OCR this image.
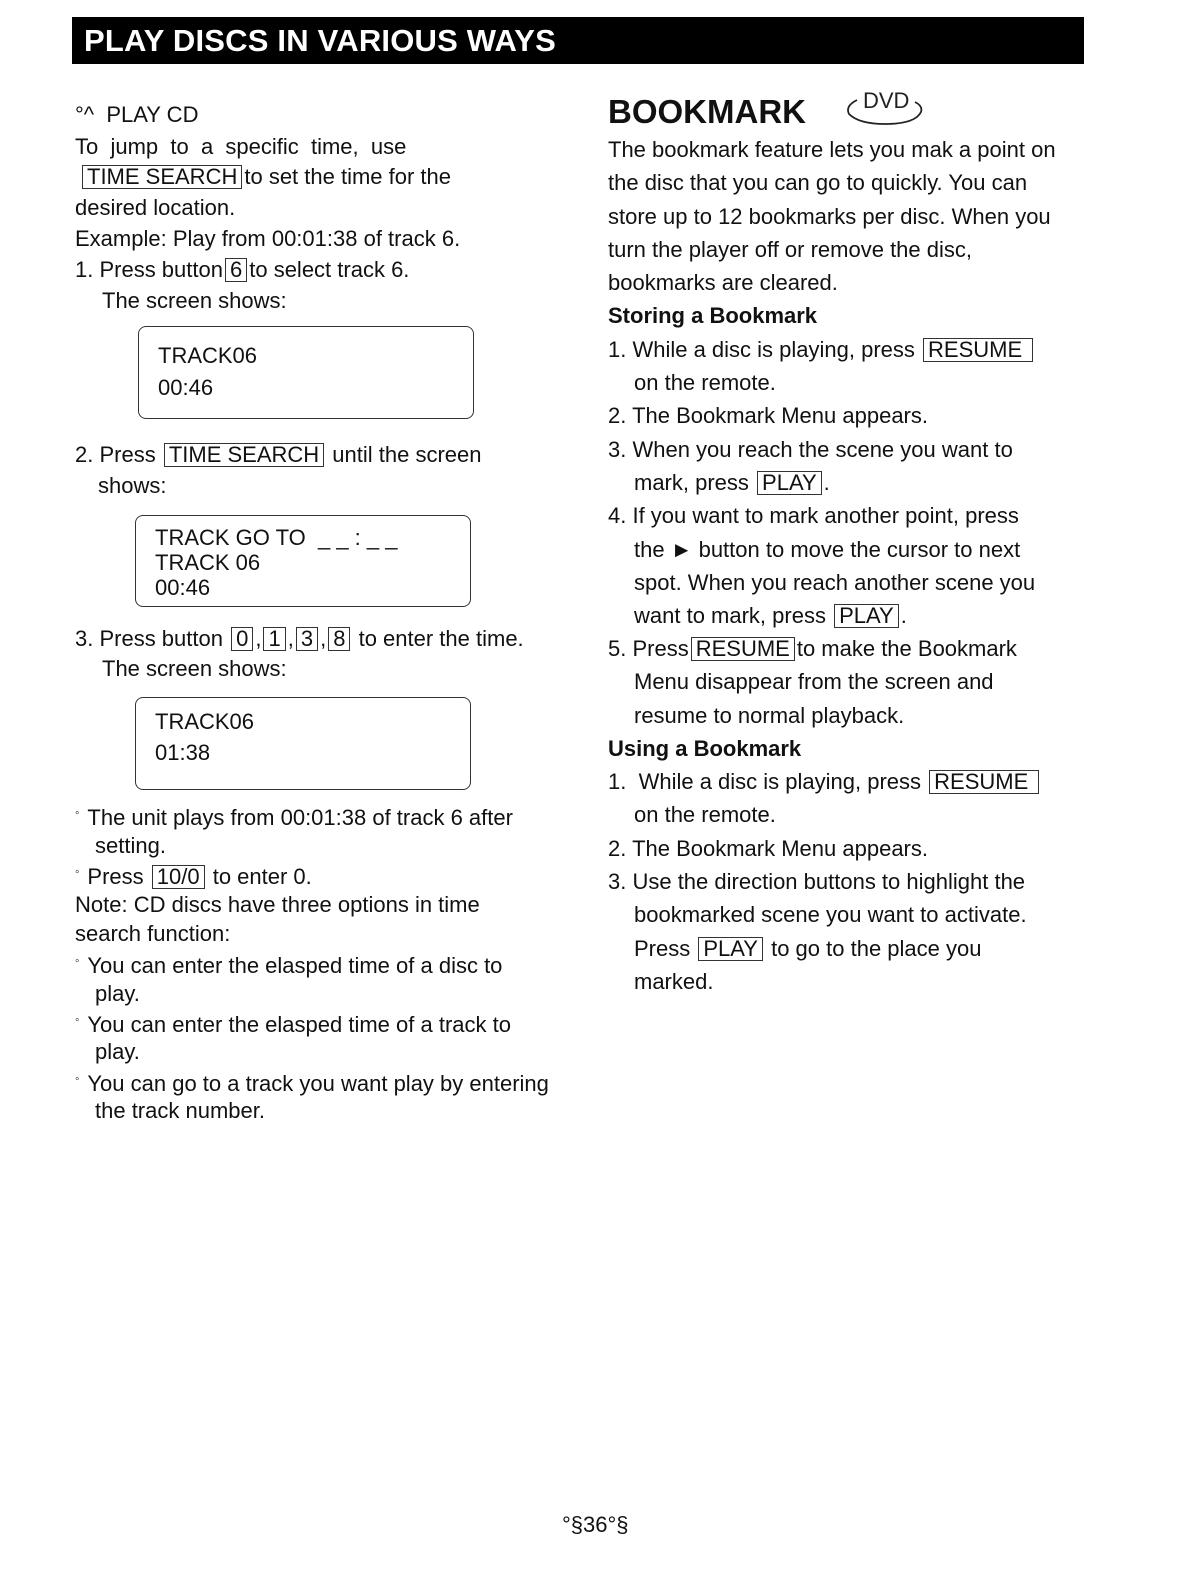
PLAY DISCS IN VARIOUS WAYS
BOOKMARK	DVD
°^  PLAY CD
To  jump  to  a  specific  time,  use
TIME SEARCH to set the time for the
desired location.
Example: Play from 00:01:38 of track 6.
1. Press button 6 to select track 6.
The screen shows:
2. Press TIME SEARCH until the screen
shows:
3. Press button 0 , 1 , 3 , 8 to enter the time.
The screen shows:
° The unit plays from 00:01:38 of track 6 after
setting.
° Press 10/0 to enter 0.
Note: CD discs have three options in time
search function:
° You can enter the elasped time of a disc to
play.
° You can enter the elasped time of a track to
play.
° You can go to a track you want play by entering
the track number.
The bookmark feature lets you mak a point on
the disc that you can go to quickly. You can
store up to 12 bookmarks per disc. When you
turn the player off or remove the disc,
bookmarks are cleared.
Storing a Bookmark
1. While a disc is playing, press RESUME
on the remote.
2. The Bookmark Menu appears.
3. When you reach the scene you want to
mark, press PLAY .
4. If you want to mark another point, press
the ► button to move the cursor to next
spot. When you reach another scene you
want to mark, press PLAY .
5. Press RESUME to make the Bookmark
Menu disappear from the screen and
resume to normal playback.
Using a Bookmark
1.  While a disc is playing, press RESUME
on the remote.
2. The Bookmark Menu appears.
3. Use the direction buttons to highlight the
bookmarked scene you want to activate.
Press PLAY to go to the place you
marked.
TRACK06
00:46
TRACK GO TO  _ _ : _ _
TRACK 06
00:46
TRACK06
01:38
°§36°§
